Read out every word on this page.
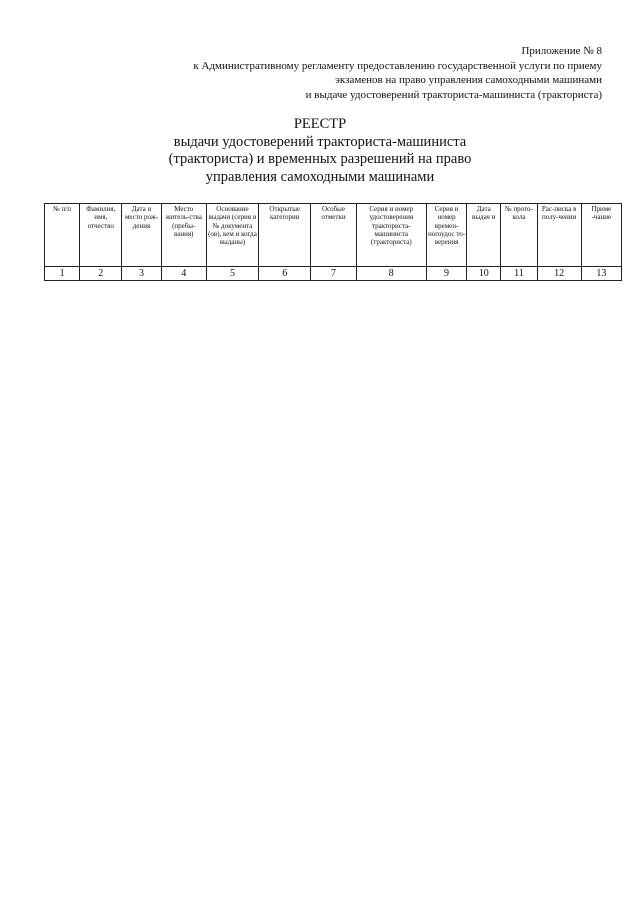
Приложение № 8
к Административному регламенту предоставлению государственной услуги по приему
экзаменов на право управления самоходными машинами
и выдаче удостоверений тракториста-машиниста (тракториста)
РЕЕСТР
выдачи удостоверений тракториста-машиниста
(тракториста) и временных разрешений на право
управления самоходными машинами
№ п/п	Фамилия, имя, отчество	Дата и место рож-дения	Место житель-ства (пребы-вания)	Основание выдачи (серия и № документа (ов), кем и когда выданы)	Открытые категории	Особые отметки	Серия и номер удостоверения тракториста-машиниста (тракториста)	Серия и номер времен-ногоудос то-верения	Дата выдач и	№ прото-кола	Рас-писка в полу-чении	Приме -чание
1	2	3	4	5	6	7	8	9	10	11	12	13
